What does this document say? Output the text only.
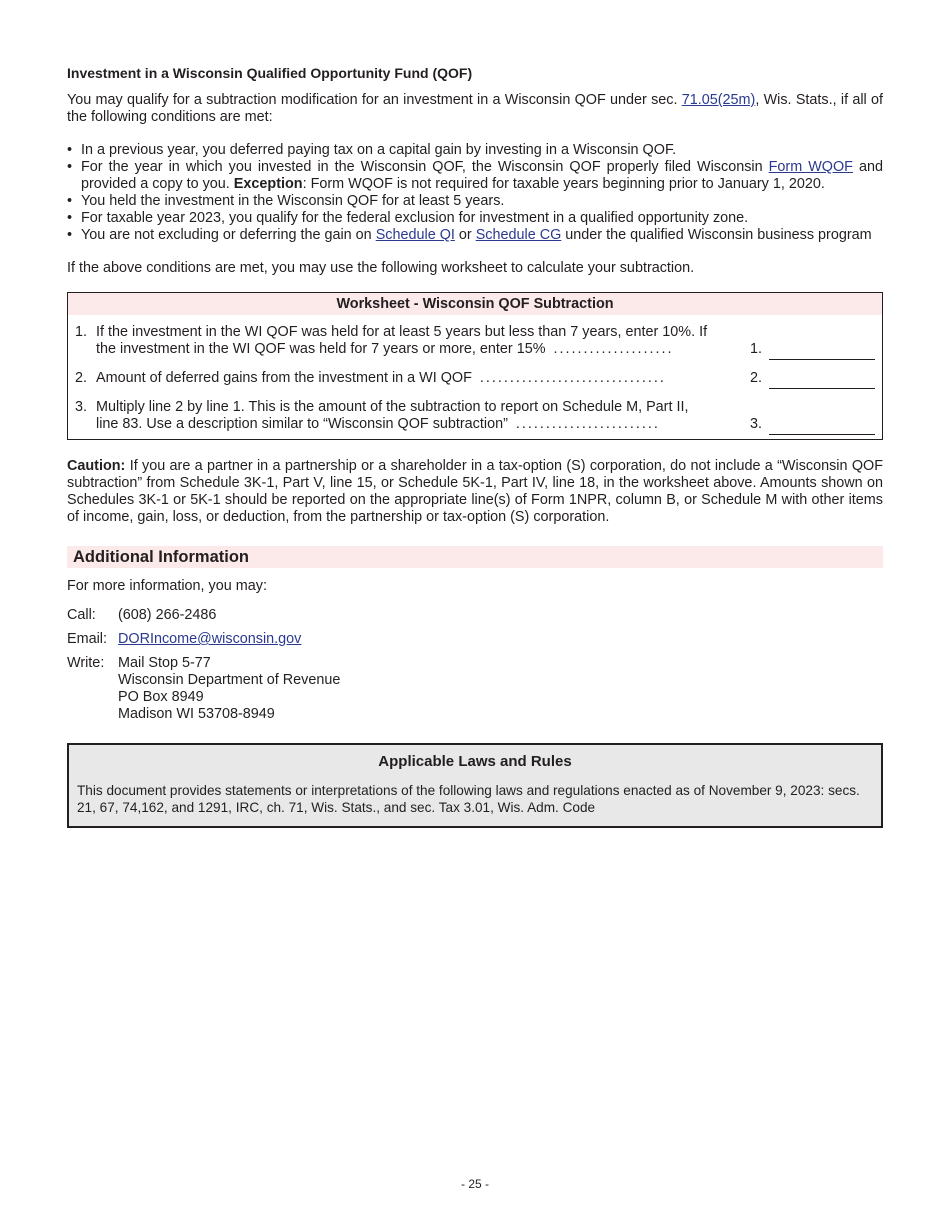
Investment in a Wisconsin Qualified Opportunity Fund (QOF)

You may qualify for a subtraction modification for an investment in a Wisconsin QOF under sec. 71.05(25m), Wis. Stats., if all of the following conditions are met:

• In a previous year, you deferred paying tax on a capital gain by investing in a Wisconsin QOF.
• For the year in which you invested in the Wisconsin QOF, the Wisconsin QOF properly filed Wisconsin Form WQOF and provided a copy to you. Exception: Form WQOF is not required for taxable years beginning prior to January 1, 2020.
• You held the investment in the Wisconsin QOF for at least 5 years.
• For taxable year 2023, you qualify for the federal exclusion for investment in a qualified opportunity zone.
• You are not excluding or deferring the gain on Schedule QI or Schedule CG under the qualified Wisconsin business program

If the above conditions are met, you may use the following worksheet to calculate your subtraction.

Worksheet - Wisconsin QOF Subtraction
1. If the investment in the WI QOF was held for at least 5 years but less than 7 years, enter 10%. If
the investment in the WI QOF was held for 7 years or more, enter 15% ....................	1.
2. Amount of deferred gains from the investment in a WI QOF ...............................	2.
3. Multiply line 2 by line 1. This is the amount of the subtraction to report on Schedule M, Part II,
line 83. Use a description similar to “Wisconsin QOF subtraction” ........................	3.

Caution: If you are a partner in a partnership or a shareholder in a tax-option (S) corporation, do not include a “Wisconsin QOF subtraction” from Schedule 3K-1, Part V, line 15, or Schedule 5K-1, Part IV, line 18, in the worksheet above. Amounts shown on Schedules 3K-1 or 5K-1 should be reported on the appropriate line(s) of Form 1NPR, column B, or Schedule M with other items of income, gain, loss, or deduction, from the partnership or tax-option (S) corporation.

Additional Information

For more information, you may:

Call:	(608) 266-2486
Email: DORIncome@wisconsin.gov
Write: Mail Stop 5-77
Wisconsin Department of Revenue
PO Box 8949
Madison WI 53708-8949
Applicable Laws and Rules
This document provides statements or interpretations of the following laws and regulations enacted as of November 9, 2023: secs. 21, 67, 74,162, and 1291, IRC, ch. 71, Wis. Stats., and sec. Tax 3.01, Wis. Adm. Code
- 25 -
